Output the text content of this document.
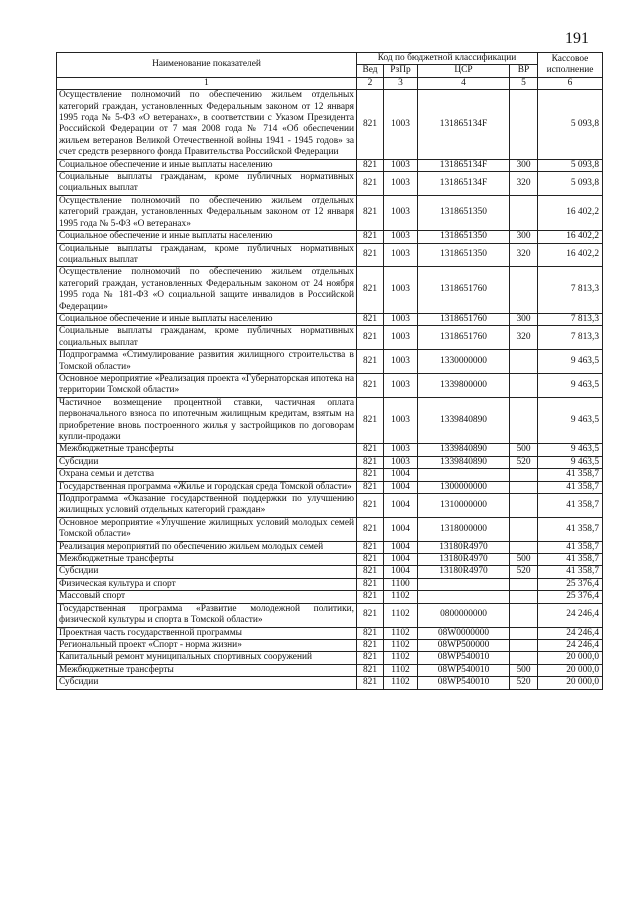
191
Наименование показателей	Код по бюджетной классификации				Кассовое исполнение
	Вед	РзПр	ЦСР	ВР	
1	2	3	4	5	6
Осуществление полномочий по обеспечению жильем отдельных категорий граждан, установленных Федеральным законом от 12 января 1995 года № 5-ФЗ «О ветеранах», в соответствии с Указом Президента Российской Федерации от 7 мая 2008 года № 714 «Об обеспечении жильем ветеранов Великой Отечественной войны 1941 - 1945 годов» за счет средств резервного фонда Правительства Российской Федерации	821	1003	131865134F		5 093,8
Социальное обеспечение и иные выплаты населению	821	1003	131865134F	300	5 093,8
Социальные выплаты гражданам, кроме публичных нормативных социальных выплат	821	1003	131865134F	320	5 093,8
Осуществление полномочий по обеспечению жильем отдельных категорий граждан, установленных Федеральным законом от 12 января 1995 года № 5-ФЗ «О ветеранах»	821	1003	1318651350		16 402,2
Социальное обеспечение и иные выплаты населению	821	1003	1318651350	300	16 402,2
Социальные выплаты гражданам, кроме публичных нормативных социальных выплат	821	1003	1318651350	320	16 402,2
Осуществление полномочий по обеспечению жильем отдельных категорий граждан, установленных Федеральным законом от 24 ноября 1995 года № 181-ФЗ «О социальной защите инвалидов в Российской Федерации»	821	1003	1318651760		7 813,3
Социальное обеспечение и иные выплаты населению	821	1003	1318651760	300	7 813,3
Социальные выплаты гражданам, кроме публичных нормативных социальных выплат	821	1003	1318651760	320	7 813,3
Подпрограмма «Стимулирование развития жилищного строительства в Томской области»	821	1003	1330000000		9 463,5
Основное мероприятие «Реализация проекта «Губернаторская ипотека на территории Томской области»	821	1003	1339800000		9 463,5
Частичное возмещение процентной ставки, частичная оплата первоначального взноса по ипотечным жилищным кредитам, взятым на приобретение вновь построенного жилья у застройщиков по договорам купли-продажи	821	1003	1339840890		9 463,5
Межбюджетные трансферты	821	1003	1339840890	500	9 463,5
Субсидии	821	1003	1339840890	520	9 463,5
Охрана семьи и детства	821	1004			41 358,7
Государственная программа «Жилье и городская среда Томской области»	821	1004	1300000000		41 358,7
Подпрограмма «Оказание государственной поддержки по улучшению жилищных условий отдельных категорий граждан»	821	1004	1310000000		41 358,7
Основное мероприятие «Улучшение жилищных условий молодых семей Томской области»	821	1004	1318000000		41 358,7
Реализация мероприятий по обеспечению жильем молодых семей	821	1004	13180R4970		41 358,7
Межбюджетные трансферты	821	1004	13180R4970	500	41 358,7
Субсидии	821	1004	13180R4970	520	41 358,7
Физическая культура и спорт	821	1100			25 376,4
Массовый спорт	821	1102			25 376,4
Государственная программа «Развитие молодежной политики, физической культуры и спорта в Томской области»	821	1102	0800000000		24 246,4
Проектная часть государственной программы	821	1102	08W0000000		24 246,4
Региональный проект «Спорт - норма жизни»	821	1102	08WP500000		24 246,4
Капитальный ремонт муниципальных спортивных сооружений	821	1102	08WP540010		20 000,0
Межбюджетные трансферты	821	1102	08WP540010	500	20 000,0
Субсидии	821	1102	08WP540010	520	20 000,0
